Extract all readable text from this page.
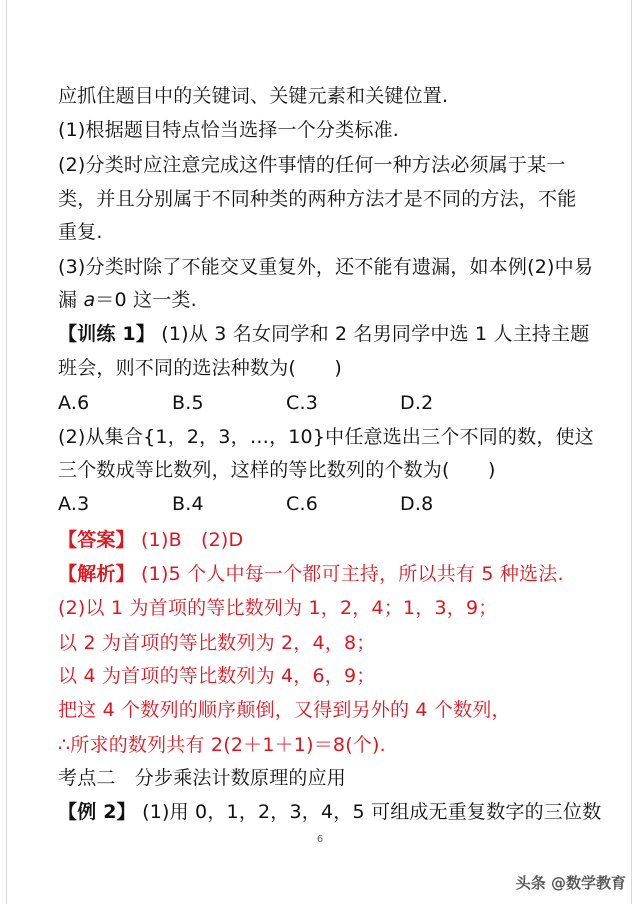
应抓住题目中的关键词、关键元素和关键位置.
(1)根据题目特点恰当选择一个分类标准.
(2)分类时应注意完成这件事情的任何一种方法必须属于某一
类，并且分别属于不同种类的两种方法才是不同的方法，不能
重复.
(3)分类时除了不能交叉重复外，还不能有遗漏，如本例(2)中易
漏 a＝0 这一类.
【训练 1】 (1)从 3 名女同学和 2 名男同学中选 1 人主持主题
班会，则不同的选法种数为(　　)
A.6	B.5	C.3	D.2
(2)从集合{1，2，3，…，10}中任意选出三个不同的数，使这
三个数成等比数列，这样的等比数列的个数为(　　)
A.3	B.4	C.6	D.8
【答案】 (1)B　(2)D
【解析】 (1)5 个人中每一个都可主持，所以共有 5 种选法.
(2)以 1 为首项的等比数列为 1，2，4；1，3，9；
以 2 为首项的等比数列为 2，4，8；
以 4 为首项的等比数列为 4，6，9；
把这 4 个数列的顺序颠倒，又得到另外的 4 个数列，
∴所求的数列共有 2(2＋1＋1)＝8(个).
考点二　分步乘法计数原理的应用
【例 2】 (1)用 0，1，2，3，4，5 可组成无重复数字的三位数
6
头条 @数学教育
